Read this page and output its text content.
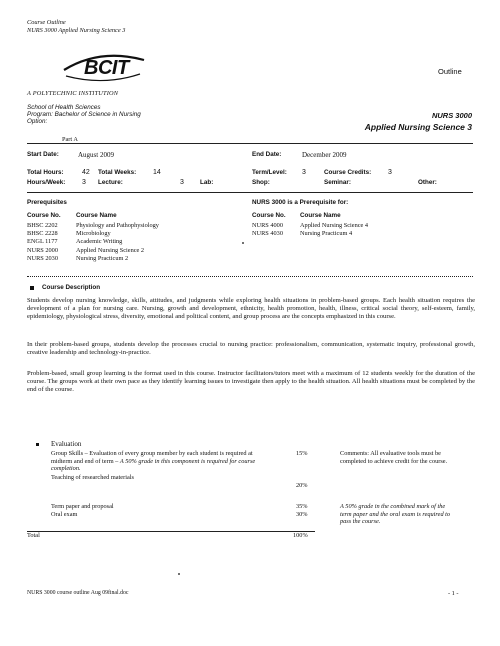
Course Outline
NURS 3000 Applied Nursing Science 3
BCIT
A POLYTECHNIC INSTITUTION
Outline
School of Health Sciences
Program: Bachelor of Science in Nursing
Option:
NURS 3000
Applied Nursing Science 3
Part A
Start Date:	August 2009	End Date:	December 2009
Total Hours:	42 Total Weeks: 14	Term/Level: 3	Course Credits: 3
Hours/Week: 3 Lecture:	3	Lab:	Shop:	Seminar:	Other:
Prerequisites
Course No. Course Name
BHSC 2202	Physiology and Pathophysiology
BHSC 2228	Microbiology
ENGL 1177	Academic Writing
NURS 2000	Applied Nursing Science 2
NURS 2030	Nursing Practicum 2
NURS 3000 is a Prerequisite for:
Course No. Course Name
NURS 4000	Applied Nursing Science 4
NURS 4030	Nursing Practicum 4
Course Description
Students develop nursing knowledge, skills, attitudes, and judgments while exploring health situations in problem-based groups. Each health situation requires the development of a plan for nursing care. Nursing, growth and development, ethnicity, health promotion, health, illness, critical social theory, self-esteem, family, epidemiology, physiological stress, diversity, emotional and political content, and group process are the concepts emphasized in this course.
In their problem-based groups, students develop the processes crucial to nursing practice: professionalism, communication, systematic inquiry, professional growth, creative leadership and technology-in-practice.
Problem-based, small group learning is the format used in this course. Instructor facilitators/tutors meet with a maximum of 12 students weekly for the duration of the course. The groups work at their own pace as they identify learning issues to investigate then apply to the health situation. All health situations must be completed by the end of the course.
Evaluation
Group Skills – Evaluation of every group member by each student is required at midterm and end of term – A 50% grade in this component is required for course completion.
15%
Teaching of researched materials
20%
Term paper and proposal	35%
Oral exam	30%
Total	100%
Comments: All evaluative tools must be completed to achieve credit for the course.
A 50% grade in the combined mark of the term paper and the oral exam is required to pass the course.
NURS 3000 course outline Aug 09final.doc	- 1 -
